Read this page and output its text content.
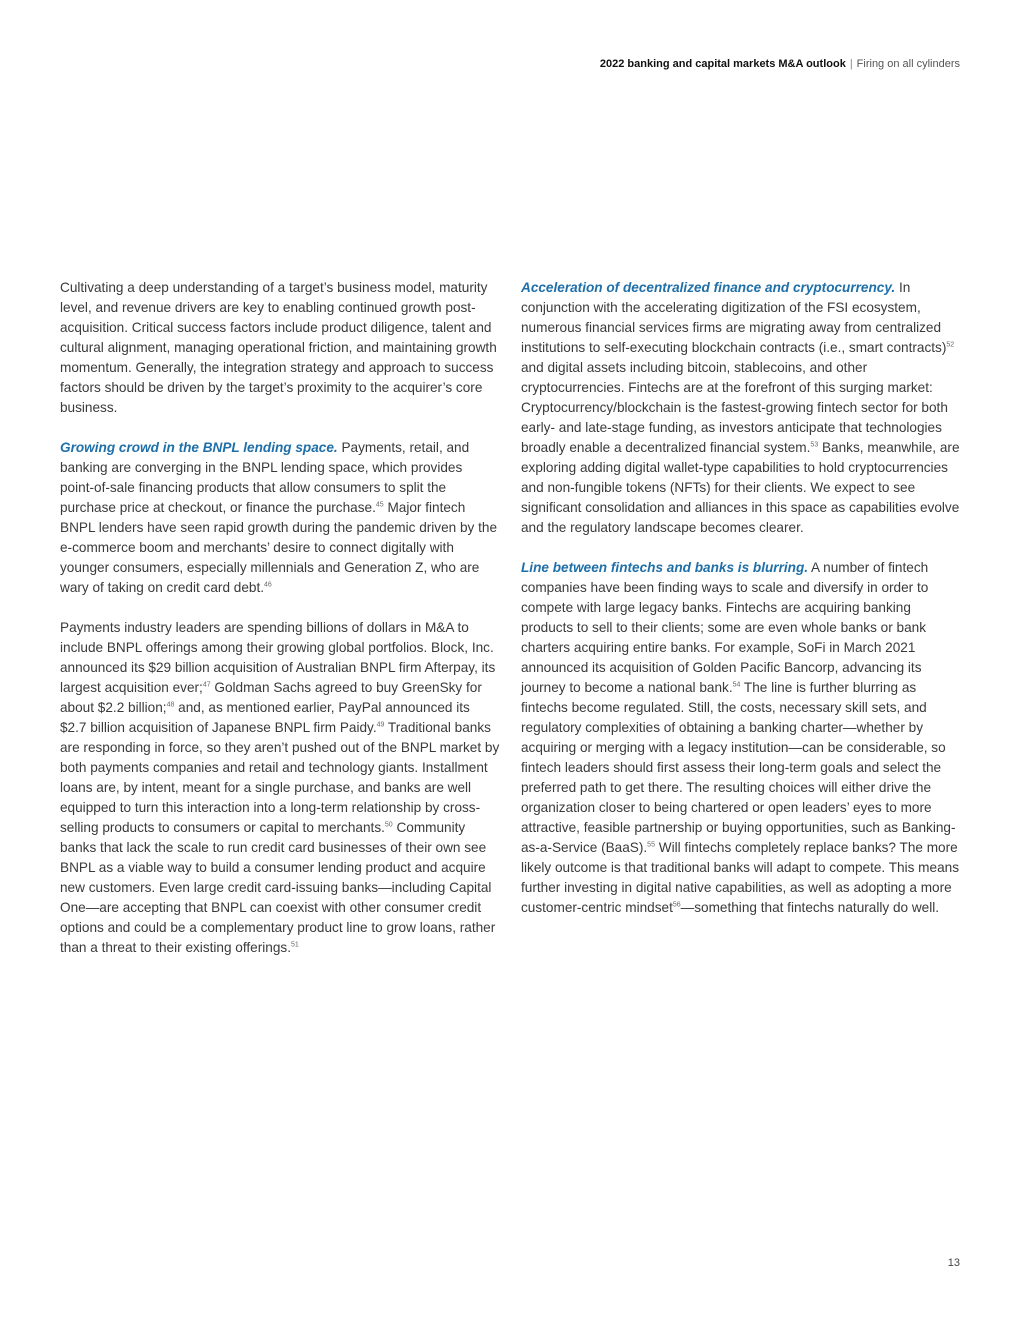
2022 banking and capital markets M&A outlook | Firing on all cylinders

Cultivating a deep understanding of a target’s business model, maturity level, and revenue drivers are key to enabling continued growth post-acquisition. Critical success factors include product diligence, talent and cultural alignment, managing operational friction, and maintaining growth momentum. Generally, the integration strategy and approach to success factors should be driven by the target’s proximity to the acquirer’s core business.

Growing crowd in the BNPL lending space. Payments, retail, and banking are converging in the BNPL lending space, which provides point-of-sale financing products that allow consumers to split the purchase price at checkout, or finance the purchase.$^{45}$ Major fintech BNPL lenders have seen rapid growth during the pandemic driven by the e-commerce boom and merchants’ desire to connect digitally with younger consumers, especially millennials and Generation Z, who are wary of taking on credit card debt.$^{46}$

Payments industry leaders are spending billions of dollars in M&A to include BNPL offerings among their growing global portfolios. Block, Inc. announced its $29 billion acquisition of Australian BNPL firm Afterpay, its largest acquisition ever;$^{47}$ Goldman Sachs agreed to buy GreenSky for about $2.2 billion;$^{48}$ and, as mentioned earlier, PayPal announced its $2.7 billion acquisition of Japanese BNPL firm Paidy.$^{49}$ Traditional banks are responding in force, so they aren’t pushed out of the BNPL market by both payments companies and retail and technology giants. Installment loans are, by intent, meant for a single purchase, and banks are well equipped to turn this interaction into a long-term relationship by cross-selling products to consumers or capital to merchants.$^{50}$ Community banks that lack the scale to run credit card businesses of their own see BNPL as a viable way to build a consumer lending product and acquire new customers. Even large credit card-issuing banks—including Capital One—are accepting that BNPL can coexist with other consumer credit options and could be a complementary product line to grow loans, rather than a threat to their existing offerings.$^{51}$

Acceleration of decentralized finance and cryptocurrency. In conjunction with the accelerating digitization of the FSI ecosystem, numerous financial services firms are migrating away from centralized institutions to self-executing blockchain contracts (i.e., smart contracts)$^{52}$ and digital assets including bitcoin, stablecoins, and other cryptocurrencies. Fintechs are at the forefront of this surging market: Cryptocurrency/blockchain is the fastest-growing fintech sector for both early- and late-stage funding, as investors anticipate that technologies broadly enable a decentralized financial system.$^{53}$ Banks, meanwhile, are exploring adding digital wallet-type capabilities to hold cryptocurrencies and non-fungible tokens (NFTs) for their clients. We expect to see significant consolidation and alliances in this space as capabilities evolve and the regulatory landscape becomes clearer.

Line between fintechs and banks is blurring. A number of fintech companies have been finding ways to scale and diversify in order to compete with large legacy banks. Fintechs are acquiring banking products to sell to their clients; some are even whole banks or bank charters acquiring entire banks. For example, SoFi in March 2021 announced its acquisition of Golden Pacific Bancorp, advancing its journey to become a national bank.$^{54}$ The line is further blurring as fintechs become regulated. Still, the costs, necessary skill sets, and regulatory complexities of obtaining a banking charter—whether by acquiring or merging with a legacy institution—can be considerable, so fintech leaders should first assess their long-term goals and select the preferred path to get there. The resulting choices will either drive the organization closer to being chartered or open leaders’ eyes to more attractive, feasible partnership or buying opportunities, such as Banking-as-a-Service (BaaS).$^{55}$ Will fintechs completely replace banks? The more likely outcome is that traditional banks will adapt to compete. This means further investing in digital native capabilities, as well as adopting a more customer-centric mindset$^{56}$—something that fintechs naturally do well.

13
